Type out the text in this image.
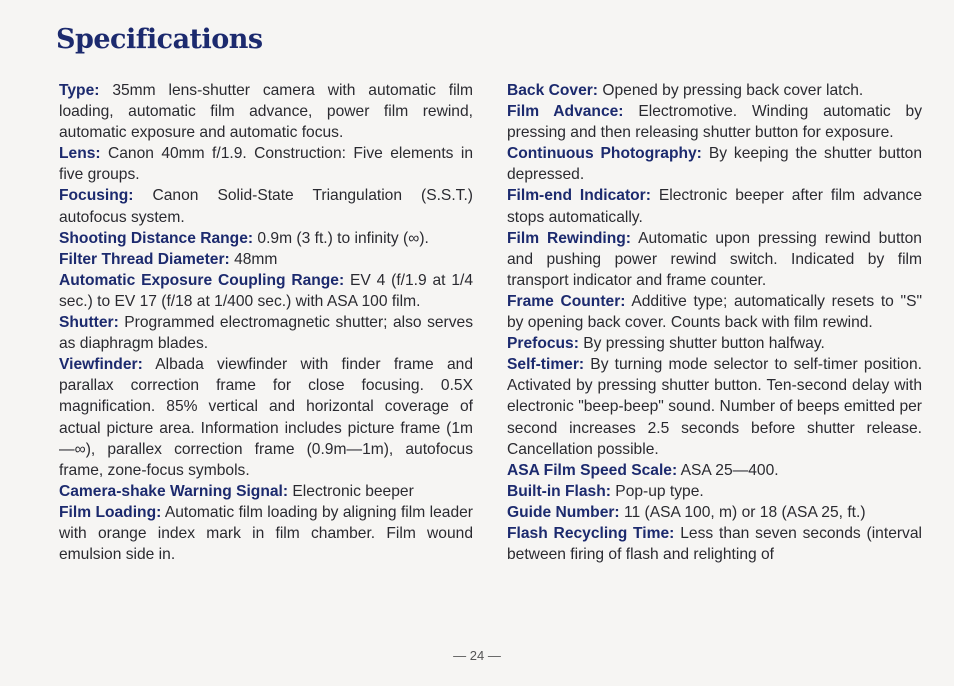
Specifications

Type: 35mm lens-shutter camera with automatic film loading, automatic film advance, power film rewind, automatic exposure and automatic focus.

Lens: Canon 40mm f/1.9. Construction: Five elements in five groups.

Focusing: Canon Solid-State Triangulation (S.S.T.) autofocus system.

Shooting Distance Range: 0.9m (3 ft.) to infinity (∞).

Filter Thread Diameter: 48mm

Automatic Exposure Coupling Range: EV 4 (f/1.9 at 1/4 sec.) to EV 17 (f/18 at 1/400 sec.) with ASA 100 film.

Shutter: Programmed electromagnetic shutter; also serves as diaphragm blades.

Viewfinder: Albada viewfinder with finder frame and parallax correction frame for close focusing. 0.5X magnification. 85% vertical and horizontal coverage of actual picture area. Information includes picture frame (1m—∞), parallex correction frame (0.9m—1m), autofocus frame, zone-focus symbols.

Camera-shake Warning Signal: Electronic beeper

Film Loading: Automatic film loading by aligning film leader with orange index mark in film chamber. Film wound emulsion side in.

Back Cover: Opened by pressing back cover latch.

Film Advance: Electromotive. Winding automatic by pressing and then releasing shutter button for exposure.

Continuous Photography: By keeping the shutter button depressed.

Film-end Indicator: Electronic beeper after film advance stops automatically.

Film Rewinding: Automatic upon pressing rewind button and pushing power rewind switch. Indicated by film transport indicator and frame counter.

Frame Counter: Additive type; automatically resets to "S" by opening back cover. Counts back with film rewind.

Prefocus: By pressing shutter button halfway.

Self-timer: By turning mode selector to self-timer position. Activated by pressing shutter button. Ten-second delay with electronic "beep-beep" sound. Number of beeps emitted per second increases 2.5 seconds before shutter release. Cancellation possible.

ASA Film Speed Scale: ASA 25—400.

Built-in Flash: Pop-up type.

Guide Number: 11 (ASA 100, m) or 18 (ASA 25, ft.)

Flash Recycling Time: Less than seven seconds (interval between firing of flash and relighting of

— 24 —
